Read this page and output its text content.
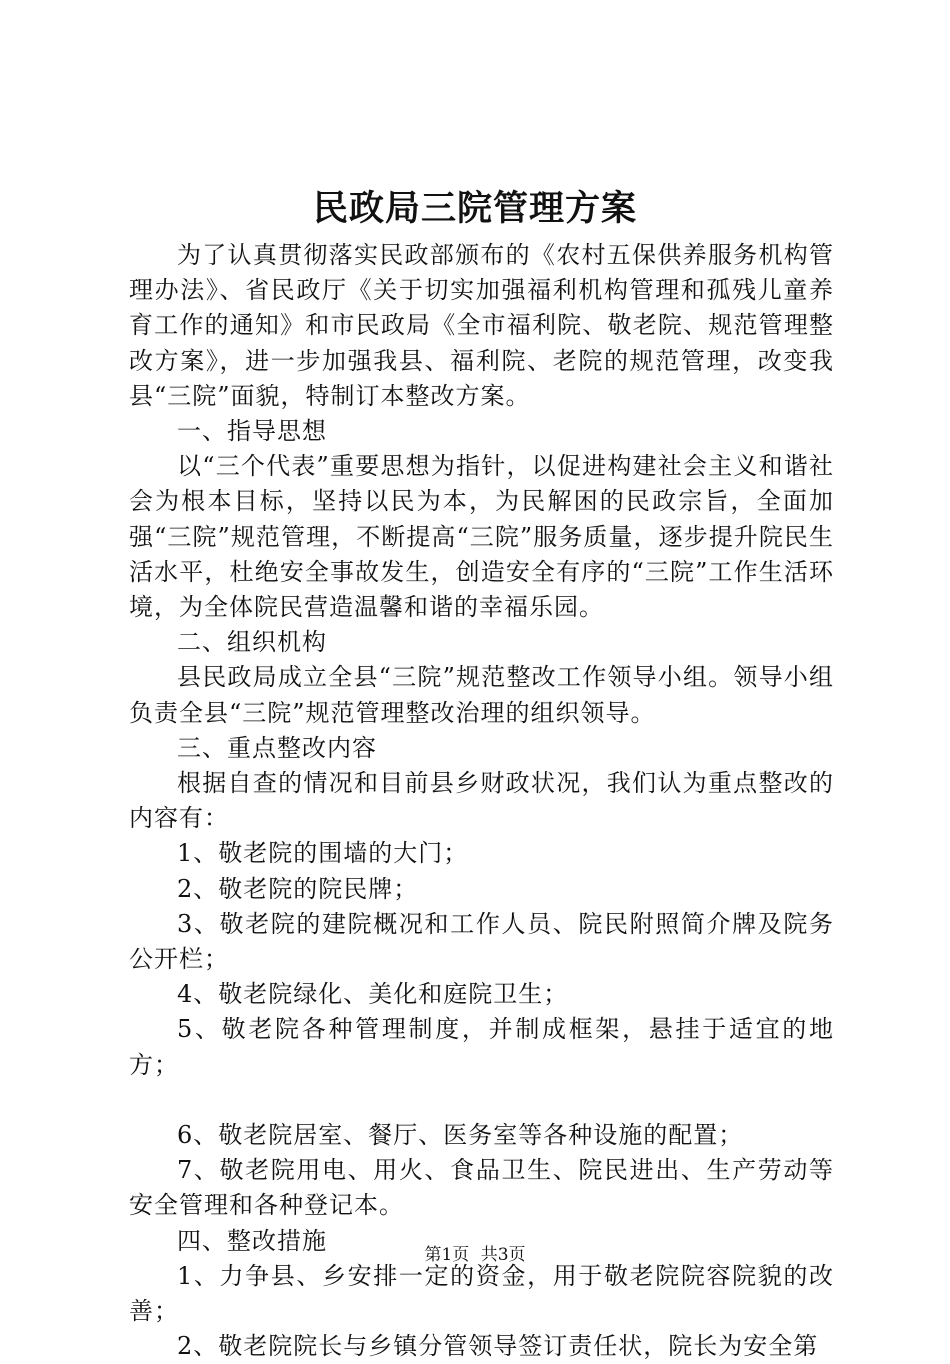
民政局三院管理方案

为了认真贯彻落实民政部颁布的《农村五保供养服务机构管理办法》、省民政厅《关于切实加强福利机构管理和孤残儿童养育工作的通知》和市民政局《全市福利院、敬老院、规范管理整改方案》，进一步加强我县、福利院、老院的规范管理，改变我县“三院”面貌，特制订本整改方案。

一、指导思想

以“三个代表”重要思想为指针，以促进构建社会主义和谐社会为根本目标，坚持以民为本，为民解困的民政宗旨，全面加强“三院”规范管理，不断提高“三院”服务质量，逐步提升院民生活水平，杜绝安全事故发生，创造安全有序的“三院”工作生活环境，为全体院民营造温馨和谐的幸福乐园。

二、组织机构

县民政局成立全县“三院”规范整改工作领导小组。领导小组负责全县“三院”规范管理整改治理的组织领导。

三、重点整改内容

根据自查的情况和目前县乡财政状况，我们认为重点整改的内容有：

1、敬老院的围墙的大门；

2、敬老院的院民牌；

3、敬老院的建院概况和工作人员、院民附照简介牌及院务公开栏；

4、敬老院绿化、美化和庭院卫生；

5、敬老院各种管理制度，并制成框架，悬挂于适宜的地方；

6、敬老院居室、餐厅、医务室等各种设施的配置；

7、敬老院用电、用火、食品卫生、院民进出、生产劳动等安全管理和各种登记本。

四、整改措施

1、力争县、乡安排一定的资金，用于敬老院院容院貌的改善；

2、敬老院院长与乡镇分管领导签订责任状，院长为安全第

第1页 共3页
